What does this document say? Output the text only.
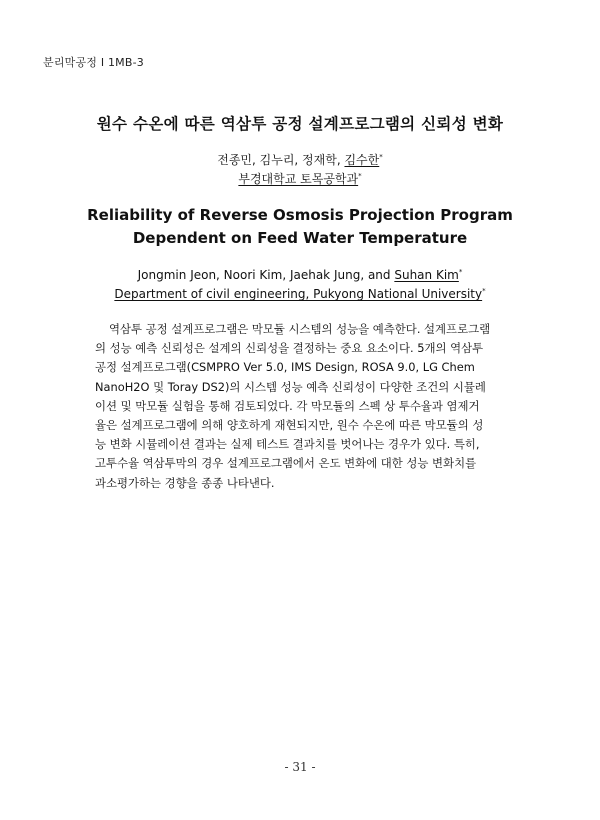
분리막공정 Ⅰ 1MB-3
원수 수온에 따른 역삼투 공정 설계프로그램의 신뢰성 변화
전종민, 김누리, 정재학, 김수한*
부경대학교 토목공학과*
Reliability of Reverse Osmosis Projection Program
Dependent on Feed Water Temperature
Jongmin Jeon, Noori Kim, Jaehak Jung, and Suhan Kim*
Department of civil engineering, Pukyong National University*
역삼투 공정 설계프로그램은 막모듈 시스템의 성능을 예측한다. 설계프로그램
의 성능 예측 신뢰성은 설계의 신뢰성을 결정하는 중요 요소이다. 5개의 역삼투
공정 설계프로그램(CSMPRO Ver 5.0, IMS Design, ROSA 9.0, LG Chem
NanoH2O 및 Toray DS2)의 시스템 성능 예측 신뢰성이 다양한 조건의 시뮬레
이션 및 막모듈 실험을 통해 검토되었다. 각 막모듈의 스펙 상 투수율과 염제거
율은 설계프로그램에 의해 양호하게 재현되지만, 원수 수온에 따른 막모듈의 성
능 변화 시뮬레이션 결과는 실제 테스트 결과치를 벗어나는 경우가 있다. 특히,
고투수율 역삼투막의 경우 설계프로그램에서 온도 변화에 대한 성능 변화치를
과소평가하는 경향을 종종 나타낸다.
- 31 -
